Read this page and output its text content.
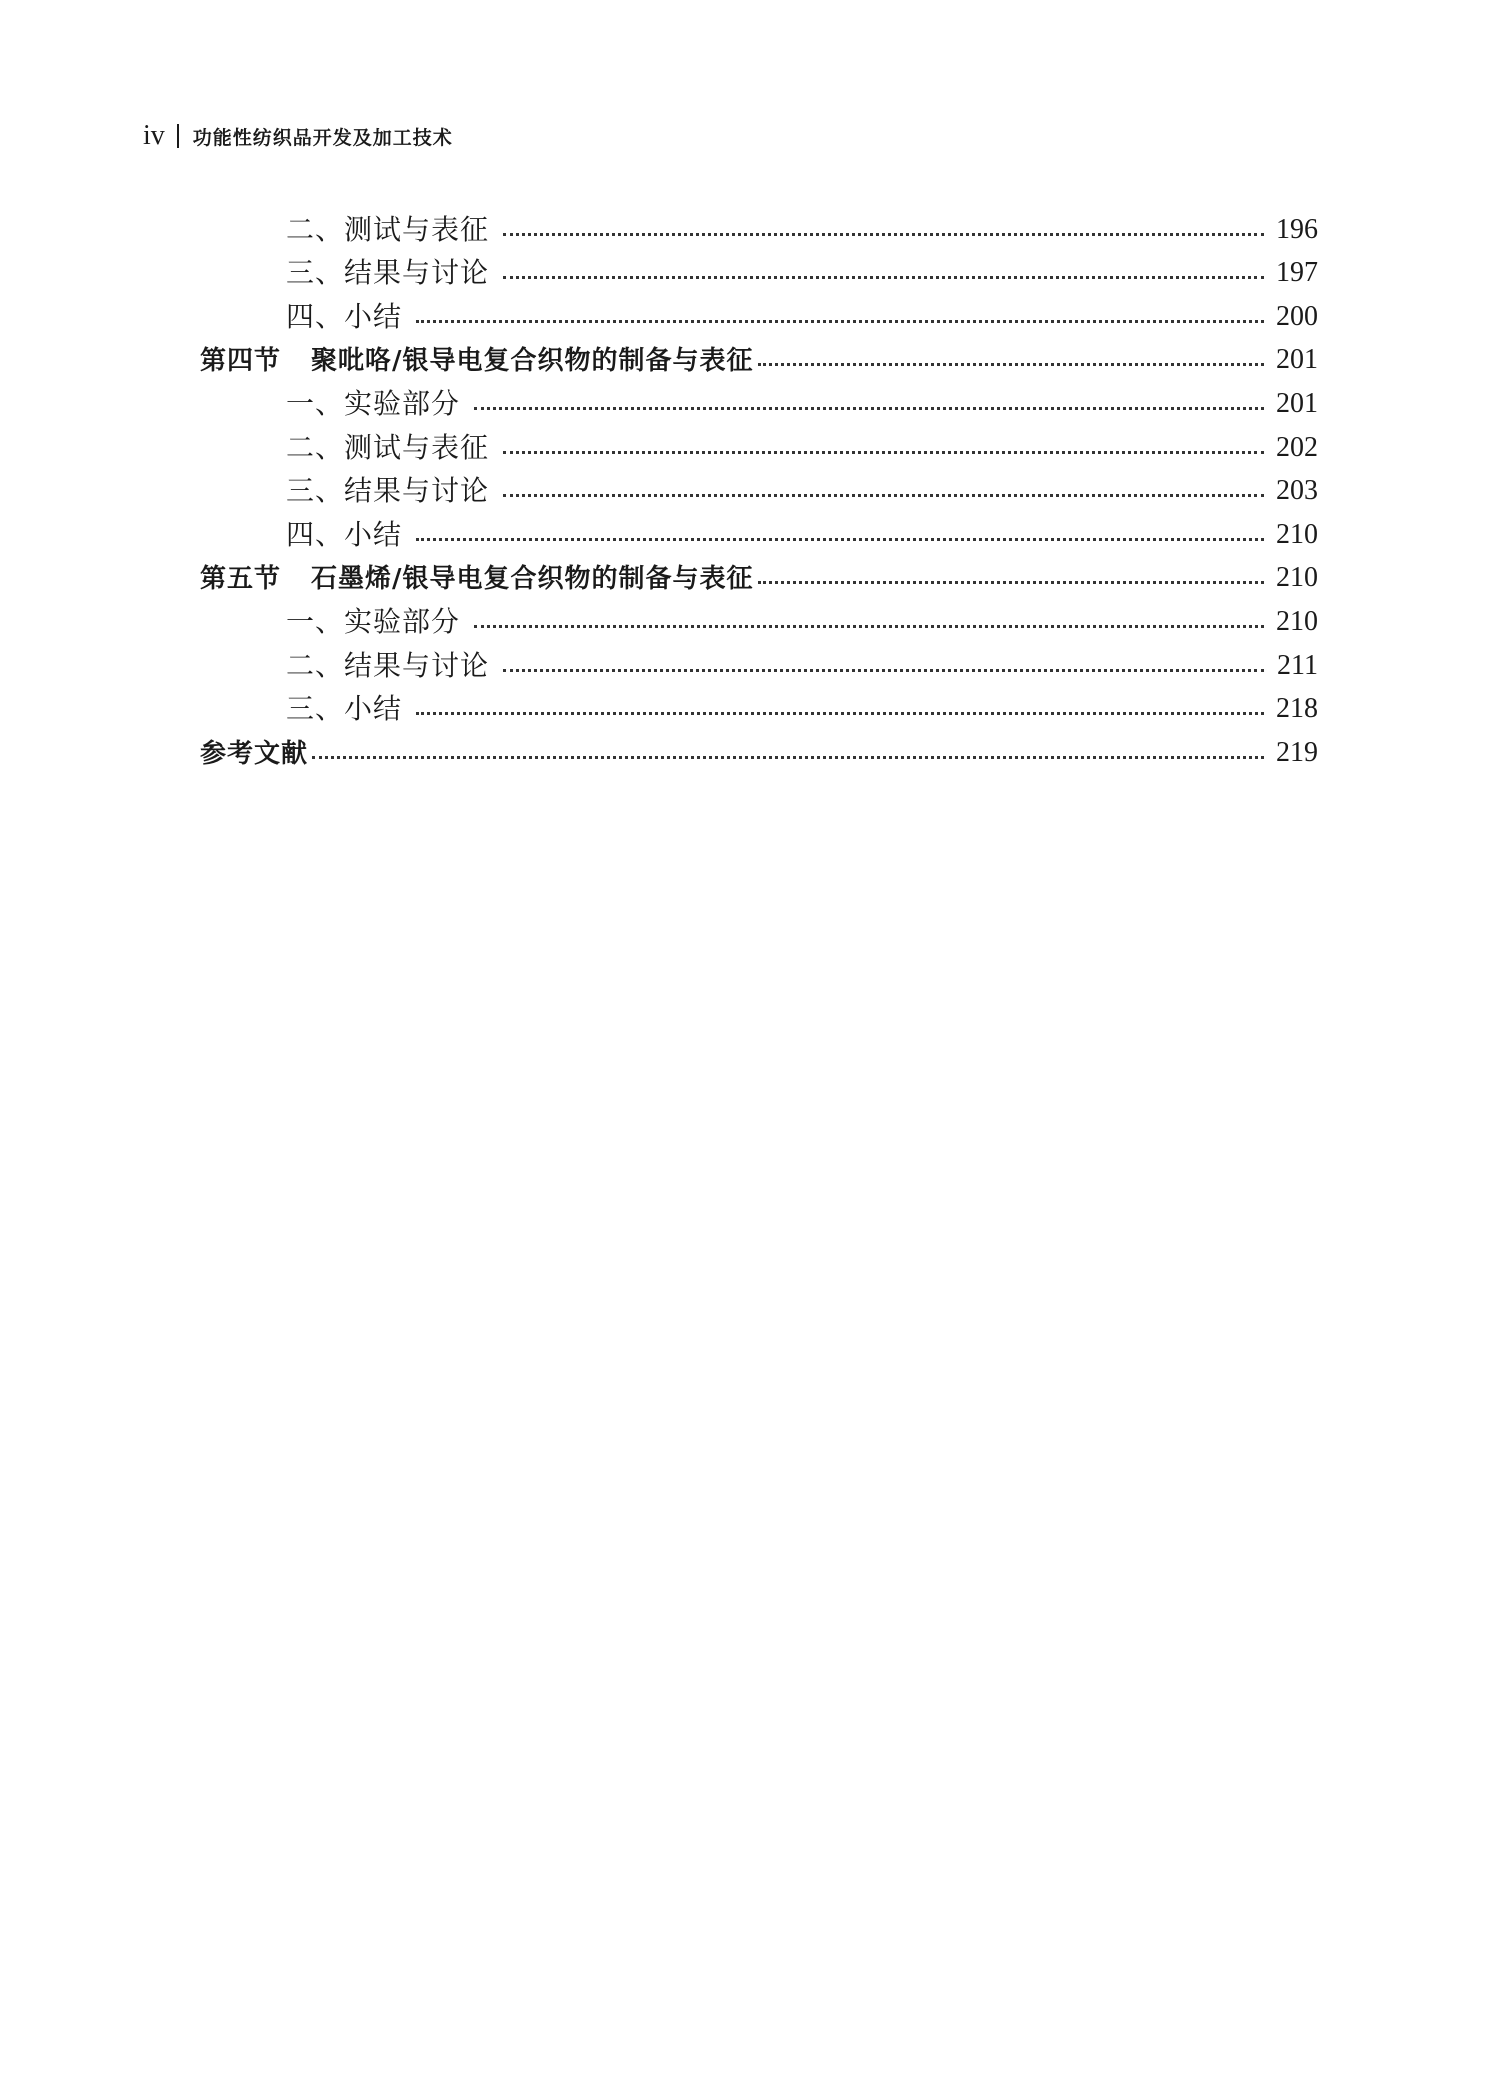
iv 功能性纺织品开发及加工技术
二、测试与表征	196
三、结果与讨论	197
四、小结	200
第四节 聚吡咯/银导电复合织物的制备与表征	201
一、实验部分	201
二、测试与表征	202
三、结果与讨论	203
四、小结	210
第五节 石墨烯/银导电复合织物的制备与表征	210
一、实验部分	210
二、结果与讨论	211
三、小结	218
参考文献	219
